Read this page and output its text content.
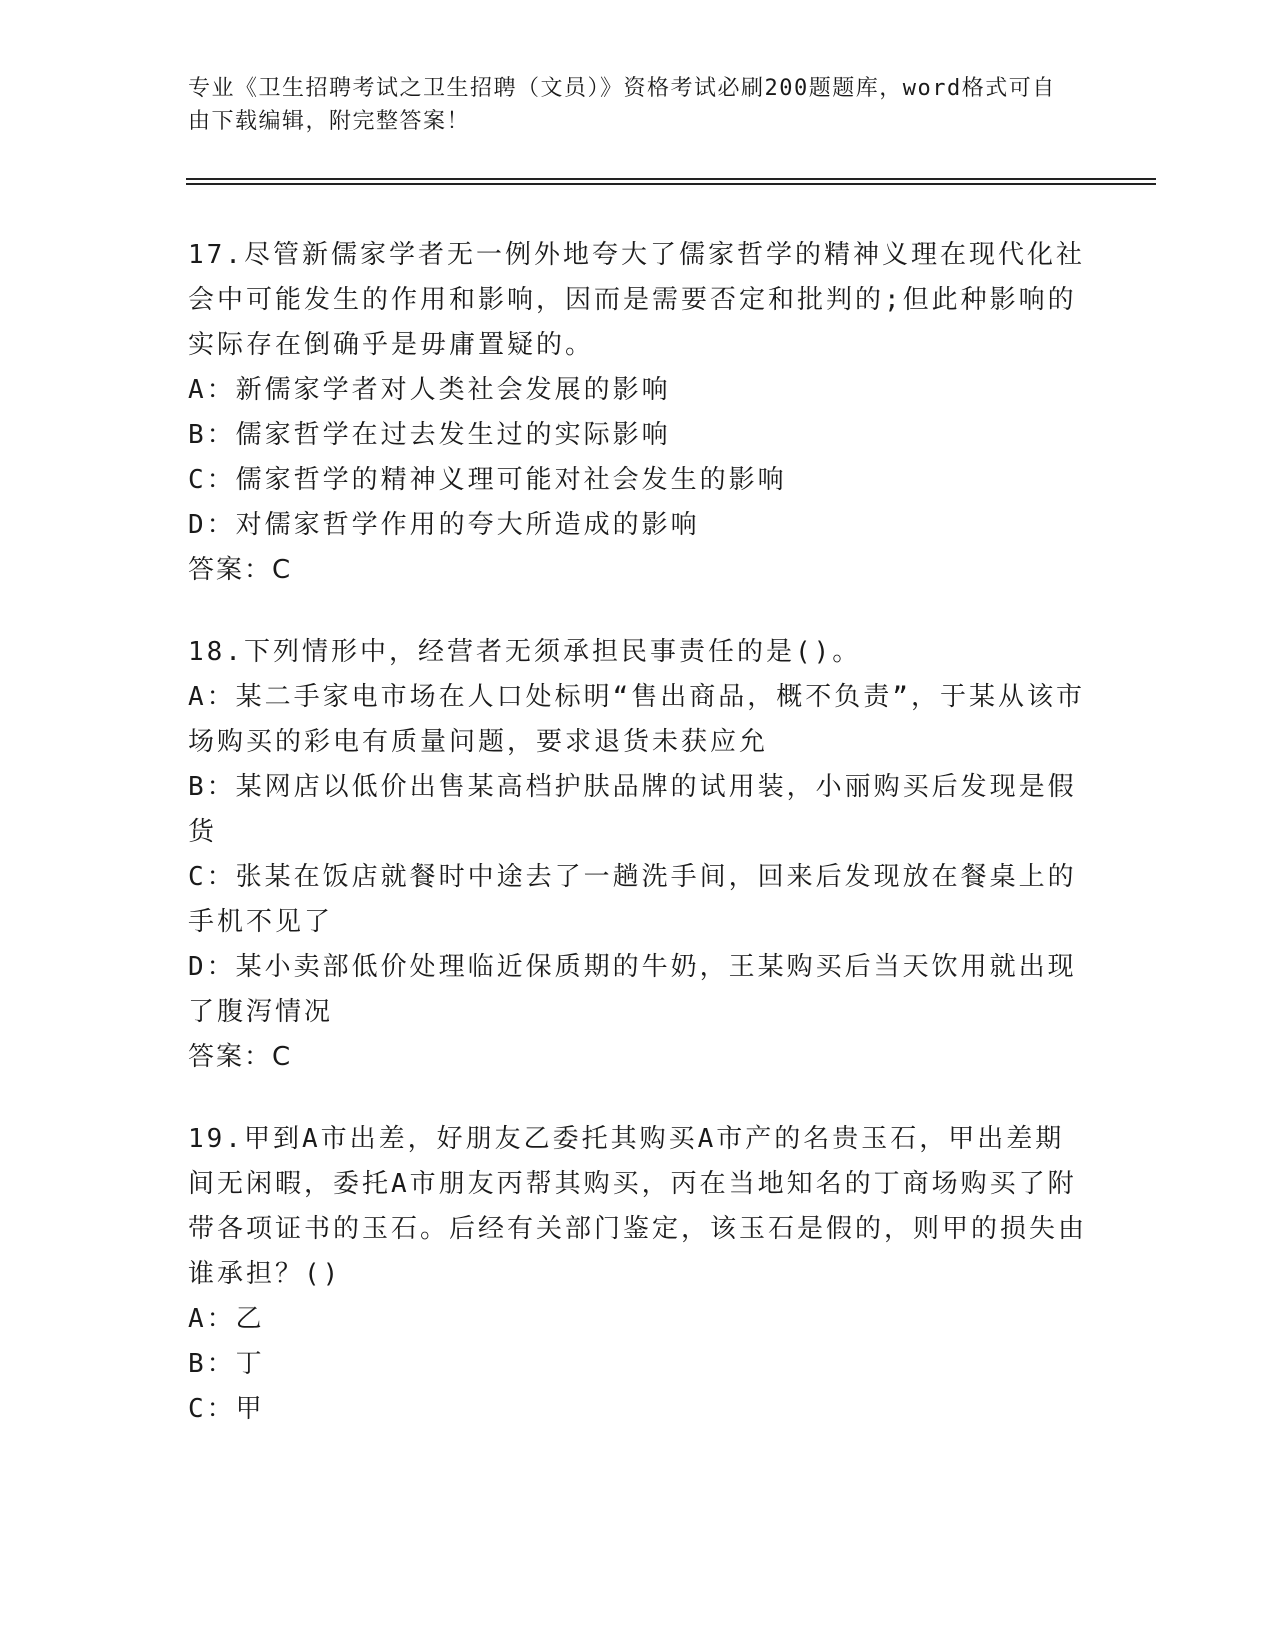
专业《卫生招聘考试之卫生招聘（文员）》资格考试必刷200题题库，word格式可自由下载编辑，附完整答案！

17.尽管新儒家学者无一例外地夸大了儒家哲学的精神义理在现代化社会中可能发生的作用和影响，因而是需要否定和批判的;但此种影响的实际存在倒确乎是毋庸置疑的。

A：新儒家学者对人类社会发展的影响

B：儒家哲学在过去发生过的实际影响

C：儒家哲学的精神义理可能对社会发生的影响

D：对儒家哲学作用的夸大所造成的影响

答案：C

18.下列情形中，经营者无须承担民事责任的是()。

A：某二手家电市场在人口处标明“售出商品，概不负责”，于某从该市场购买的彩电有质量问题，要求退货未获应允

B：某网店以低价出售某高档护肤品牌的试用装，小丽购买后发现是假货

C：张某在饭店就餐时中途去了一趟洗手间，回来后发现放在餐桌上的手机不见了

D：某小卖部低价处理临近保质期的牛奶，王某购买后当天饮用就出现了腹泻情况

答案：C

19.甲到A市出差，好朋友乙委托其购买A市产的名贵玉石，甲出差期间无闲暇，委托A市朋友丙帮其购买，丙在当地知名的丁商场购买了附带各项证书的玉石。后经有关部门鉴定，该玉石是假的，则甲的损失由谁承担？()

A：乙

B：丁

C：甲
